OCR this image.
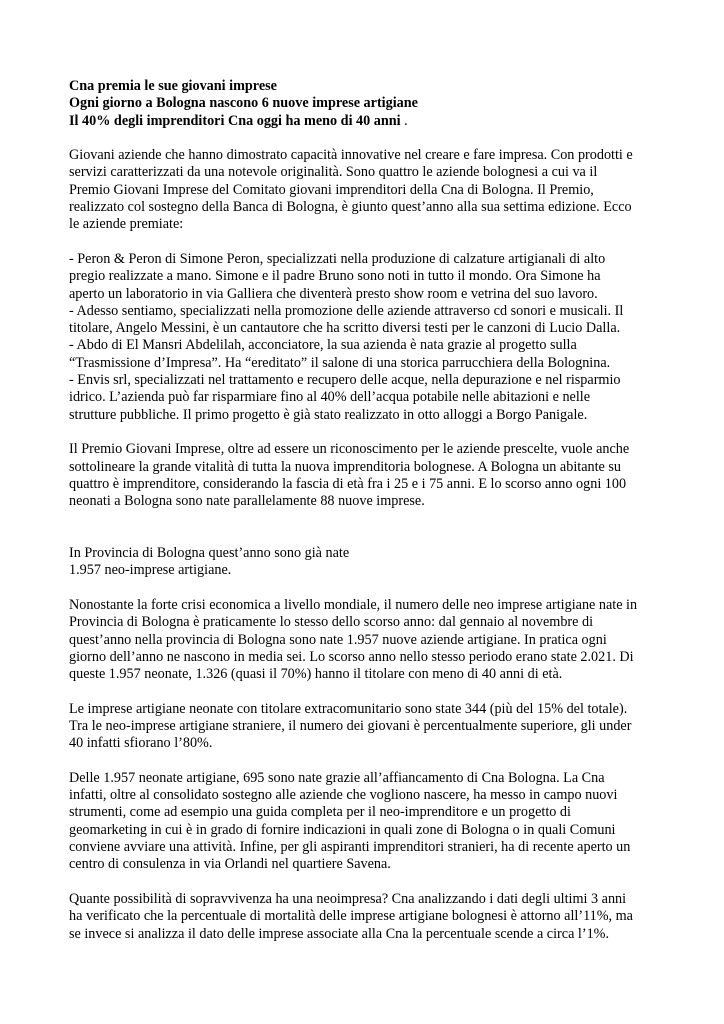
Cna premia le sue giovani imprese
Ogni giorno a Bologna nascono 6 nuove imprese artigiane
Il 40% degli imprenditori Cna oggi ha meno di 40 anni .

Giovani aziende che hanno dimostrato capacità innovative nel creare e fare impresa. Con prodotti e
servizi caratterizzati da una notevole originalità. Sono quattro le aziende bolognesi a cui va il
Premio Giovani Imprese del Comitato giovani imprenditori della Cna di Bologna. Il Premio,
realizzato col sostegno della Banca di Bologna, è giunto quest’anno alla sua settima edizione. Ecco
le aziende premiate:

- Peron & Peron di Simone Peron, specializzati nella produzione di calzature artigianali di alto
pregio realizzate a mano. Simone e il padre Bruno sono noti in tutto il mondo. Ora Simone ha
aperto un laboratorio in via Galliera che diventerà presto show room e vetrina del suo lavoro.
- Adesso sentiamo, specializzati nella promozione delle aziende attraverso cd sonori e musicali. Il
titolare, Angelo Messini, è un cantautore che ha scritto diversi testi per le canzoni di Lucio Dalla.
- Abdo di El Mansri Abdelilah, acconciatore, la sua azienda è nata grazie al progetto sulla
“Trasmissione d’Impresa”. Ha “ereditato” il salone di una storica parrucchiera della Bolognina.
- Envis srl, specializzati nel trattamento e recupero delle acque, nella depurazione e nel risparmio
idrico. L’azienda può far risparmiare fino al 40% dell’acqua potabile nelle abitazioni e nelle
strutture pubbliche. Il primo progetto è già stato realizzato in otto alloggi a Borgo Panigale.

Il Premio Giovani Imprese, oltre ad essere un riconoscimento per le aziende prescelte, vuole anche
sottolineare la grande vitalità di tutta la nuova imprenditoria bolognese. A Bologna un abitante su
quattro è imprenditore, considerando la fascia di età fra i 25 e i 75 anni. E lo scorso anno ogni 100
neonati a Bologna sono nate parallelamente 88 nuove imprese.

In Provincia di Bologna quest’anno sono già nate
1.957 neo-imprese artigiane.

Nonostante la forte crisi economica a livello mondiale, il numero delle neo imprese artigiane nate in
Provincia di Bologna è praticamente lo stesso dello scorso anno: dal gennaio al novembre di
quest’anno nella provincia di Bologna sono nate 1.957 nuove aziende artigiane. In pratica ogni
giorno dell’anno ne nascono in media sei. Lo scorso anno nello stesso periodo erano state 2.021. Di
queste 1.957 neonate, 1.326 (quasi il 70%) hanno il titolare con meno di 40 anni di età.

Le imprese artigiane neonate con titolare extracomunitario sono state 344 (più del 15% del totale).
Tra le neo-imprese artigiane straniere, il numero dei giovani è percentualmente superiore, gli under
40 infatti sfiorano l’80%.

Delle 1.957 neonate artigiane, 695 sono nate grazie all’affiancamento di Cna Bologna. La Cna
infatti, oltre al consolidato sostegno alle aziende che vogliono nascere, ha messo in campo nuovi
strumenti, come ad esempio una guida completa per il neo-imprenditore e un progetto di
geomarketing in cui è in grado di fornire indicazioni in quali zone di Bologna o in quali Comuni
conviene avviare una attività. Infine, per gli aspiranti imprenditori stranieri, ha di recente aperto un
centro di consulenza in via Orlandi nel quartiere Savena.

Quante possibilità di sopravvivenza ha una neoimpresa? Cna analizzando i dati degli ultimi 3 anni
ha verificato che la percentuale di mortalità delle imprese artigiane bolognesi è attorno all’11%, ma
se invece si analizza il dato delle imprese associate alla Cna la percentuale scende a circa l’1%.
